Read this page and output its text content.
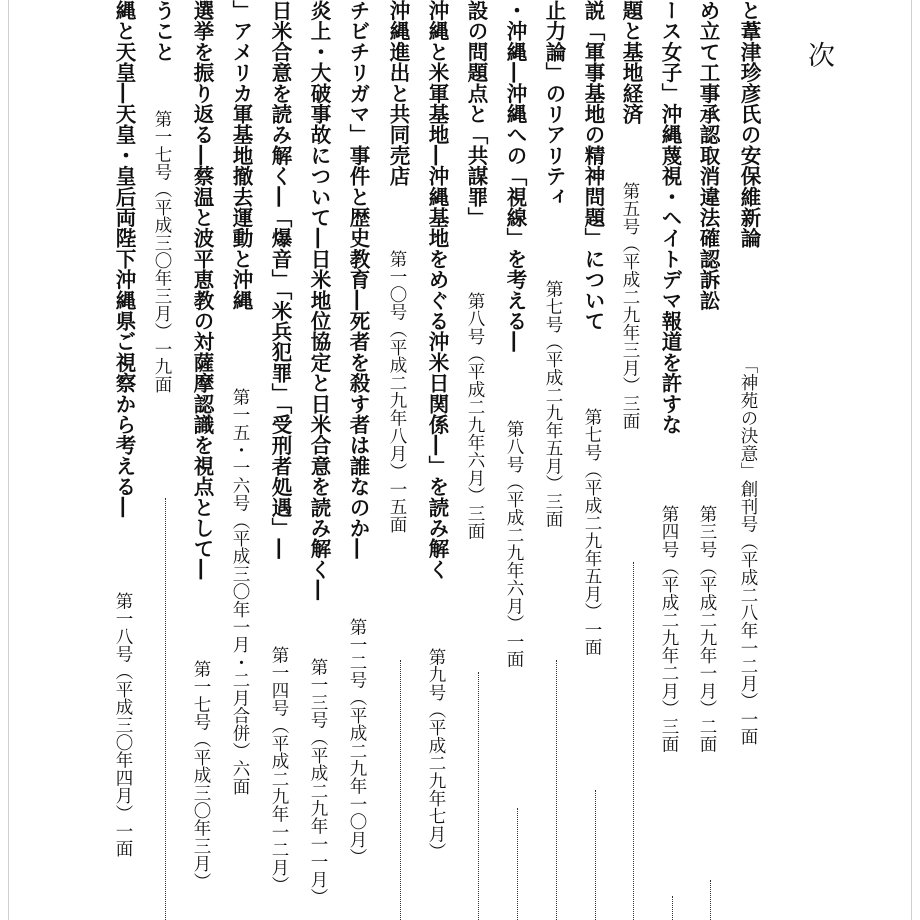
次
と葦津珍彦氏の安保維新論
「神苑の決意」創刊号（平成二八年一二月）一面
め立て工事承認取消違法確認訴訟
第三号（平成二九年一月）二面
ース女子」沖縄蔑視・ヘイトデマ報道を許すな
第四号（平成二九年二月）三面
題と基地経済
第五号（平成二九年三月）三面
説「軍事基地の精神問題」について
第七号（平成二九年五月）一面
止力論」のリアリティ
第七号（平成二九年五月）三面
・沖縄―沖縄への「視線」を考える―
第八号（平成二九年六月）一面
設の問題点と「共謀罪」
第八号（平成二九年六月）三面
沖縄と米軍基地―沖縄基地をめぐる沖米日関係―」を読み解く
第九号（平成二九年七月）
沖縄進出と共同売店
第一〇号（平成二九年八月）一五面
チビチリガマ」事件と歴史教育―死者を殺す者は誰なのか―
第一二号（平成二九年一〇月）
炎上・大破事故について―日米地位協定と日米合意を読み解く―
第一三号（平成二九年一一月）
日米合意を読み解く―「爆音」「米兵犯罪」「受刑者処遇」―
第一四号（平成二九年一二月）
」アメリカ軍基地撤去運動と沖縄
第一五・一六号（平成三〇年一月・二月合併）六面
選挙を振り返る―蔡温と波平恵教の対薩摩認識を視点として―
第一七号（平成三〇年三月）
うこと
第一七号（平成三〇年三月）一九面
縄と天皇―天皇・皇后両陛下沖縄県ご視察から考える―
第一八号（平成三〇年四月）一面
